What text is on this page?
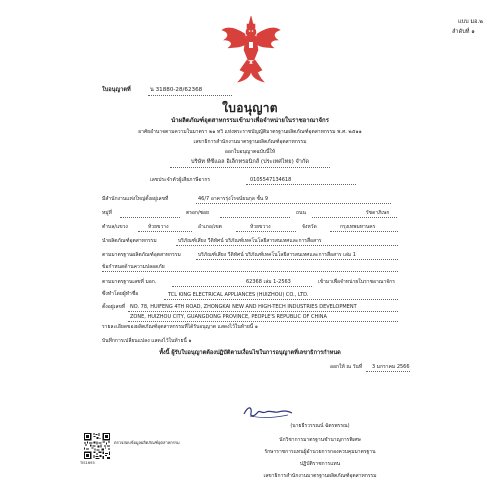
แบบ มอ.๒
ลำดับที่ ๑
ใบอนุญาตที่	น 31880-28/62368
ใบอนุญาต
นำผลิตภัณฑ์อุตสาหกรรมเข้ามาเพื่อจำหน่ายในราชอาณาจักร
อาศัยอำนาจตามความในมาตรา ๒๑ ทวิ แห่งพระราชบัญญัติมาตรฐานผลิตภัณฑ์อุตสาหกรรม พ.ศ. ๒๕๑๑
เลขาธิการสำนักงานมาตรฐานผลิตภัณฑ์อุตสาหกรรม
ออกใบอนุญาตฉบับนี้ให้
บริษัท ทีซีแอล อิเล็กทรอนิกส์ (ประเทศไทย) จำกัด
เลขประจำตัวผู้เสียภาษีอากร	0105547134618
มีสำนักงานแห่งใหญ่ตั้งอยู่เลขที่	46/7 อาคารรุ่งโรจน์ธนกุล ชั้น 9
หมู่ที่	ตรอก/ซอย	ถนน	รัชดาภิเษก
ตำบล/แขวง	ห้วยขวาง	อำเภอ/เขต	ห้วยขวาง	จังหวัด	กรุงเทพมหานคร
นำผลิตภัณฑ์อุตสาหกรรม	บริภัณฑ์เสียง วีดิทัศน์ บริภัณฑ์เทคโนโลยีสารสนเทศและการสื่อสาร
ตามมาตรฐานผลิตภัณฑ์อุตสาหกรรม	บริภัณฑ์เสียง วีดิทัศน์ บริภัณฑ์เทคโนโลยีสารสนเทศและการสื่อสาร เล่ม 1
ข้อกำหนดด้านความปลอดภัย
ตามมาตรฐานเลขที่ มอก.	62368 เล่ม 1-2563	เข้ามาเพื่อจำหน่ายในราชอาณาจักร
ซึ่งทำโดยผู้ทำชื่อ	TCL KING ELECTRICAL APPLIANCES (HUIZHOU) CO., LTD.
ตั้งอยู่เลขที่ NO. 78, HUIFENG 4TH ROAD, ZHONGKAI NEW AND HIGH-TECH INDUSTRIES DEVELOPMENT
ZONE, HUIZHOU CITY, GUANGDONG PROVINCE, PEOPLE'S REPUBLIC OF CHINA
รายละเอียดของผลิตภัณฑ์อุตสาหกรรมที่ได้รับอนุญาต แสดงไว้ในท้ายนี้ ๑
บันทึกการเปลี่ยนแปลง แสดงไว้ในท้ายนี้ ๑
ทั้งนี้ ผู้รับใบอนุญาตต้องปฏิบัติตามเงื่อนไขในการอนุญาตที่เลขาธิการกำหนด
ออกให้ ณ วันที่ 3 มกราคม 2566
(นายธีรวรรณน์ ฉัตรพรรณ)
นักวิชาการมาตรฐานชำนาญการพิเศษ
รักษาราชการแทนผู้อำนวยการกองควบคุมมาตรฐาน
ปฏิบัติราชการแทน
เลขาธิการสำนักงานมาตรฐานผลิตภัณฑ์อุตสาหกรรม
TIS1693
ตรวจสอบข้อมูลผลิตภัณฑ์อุตสาหกรรม
